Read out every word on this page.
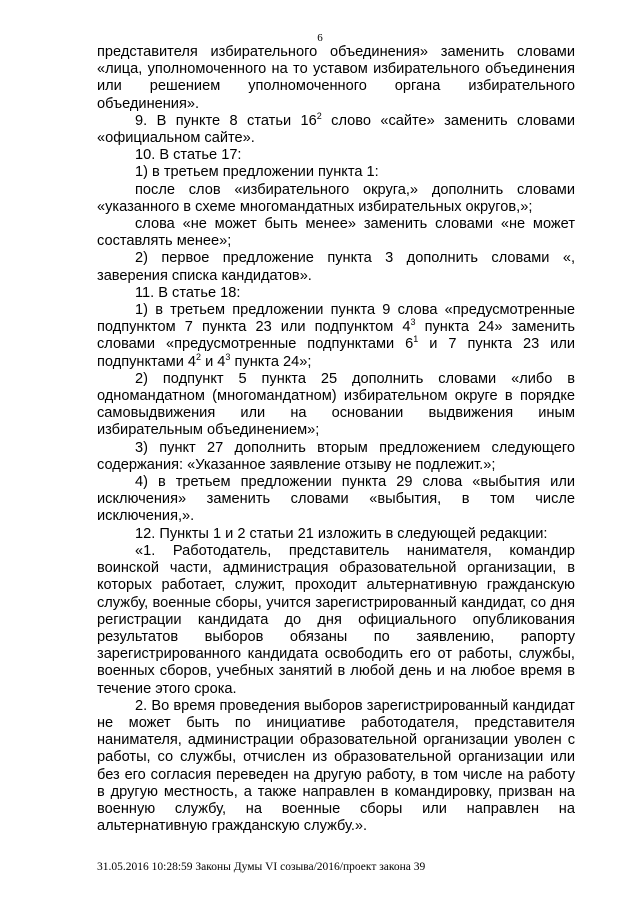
6

представителя избирательного объединения» заменить словами «лица, уполномоченного на то уставом избирательного объединения или решением уполномоченного органа избирательного объединения».

9. В пункте 8 статьи $16^2$ слово «сайте» заменить словами «официальном сайте».

10. В статье 17:

1) в третьем предложении пункта 1:

после слов «избирательного округа,» дополнить словами «указанного в схеме многомандатных избирательных округов,»;

слова «не может быть менее» заменить словами «не может составлять менее»;

2) первое предложение пункта 3 дополнить словами «, заверения списка кандидатов».

11. В статье 18:

1) в третьем предложении пункта 9 слова «предусмотренные подпунктом 7 пункта 23 или подпунктом $4^3$ пункта 24» заменить словами «предусмотренные подпунктами $6^1$ и 7 пункта 23 или подпунктами $4^2$ и $4^3$ пункта 24»;

2) подпункт 5 пункта 25 дополнить словами «либо в одномандатном (многомандатном) избирательном округе в порядке самовыдвижения или на основании выдвижения иным избирательным объединением»;

3) пункт 27 дополнить вторым предложением следующего содержания: «Указанное заявление отзыву не подлежит.»;

4) в третьем предложении пункта 29 слова «выбытия или исключения» заменить словами «выбытия, в том числе исключения,».

12. Пункты 1 и 2 статьи 21 изложить в следующей редакции:

«1. Работодатель, представитель нанимателя, командир воинской части, администрация образовательной организации, в которых работает, служит, проходит альтернативную гражданскую службу, военные сборы, учится зарегистрированный кандидат, со дня регистрации кандидата до дня официального опубликования результатов выборов обязаны по заявлению, рапорту зарегистрированного кандидата освободить его от работы, службы, военных сборов, учебных занятий в любой день и на любое время в течение этого срока.

2. Во время проведения выборов зарегистрированный кандидат не может быть по инициативе работодателя, представителя нанимателя, администрации образовательной организации уволен с работы, со службы, отчислен из образовательной организации или без его согласия переведен на другую работу, в том числе на работу в другую местность, а также направлен в командировку, призван на военную службу, на военные сборы или направлен на альтернативную гражданскую службу.».

31.05.2016 10:28:59 Законы Думы VI созыва/2016/проект закона 39
